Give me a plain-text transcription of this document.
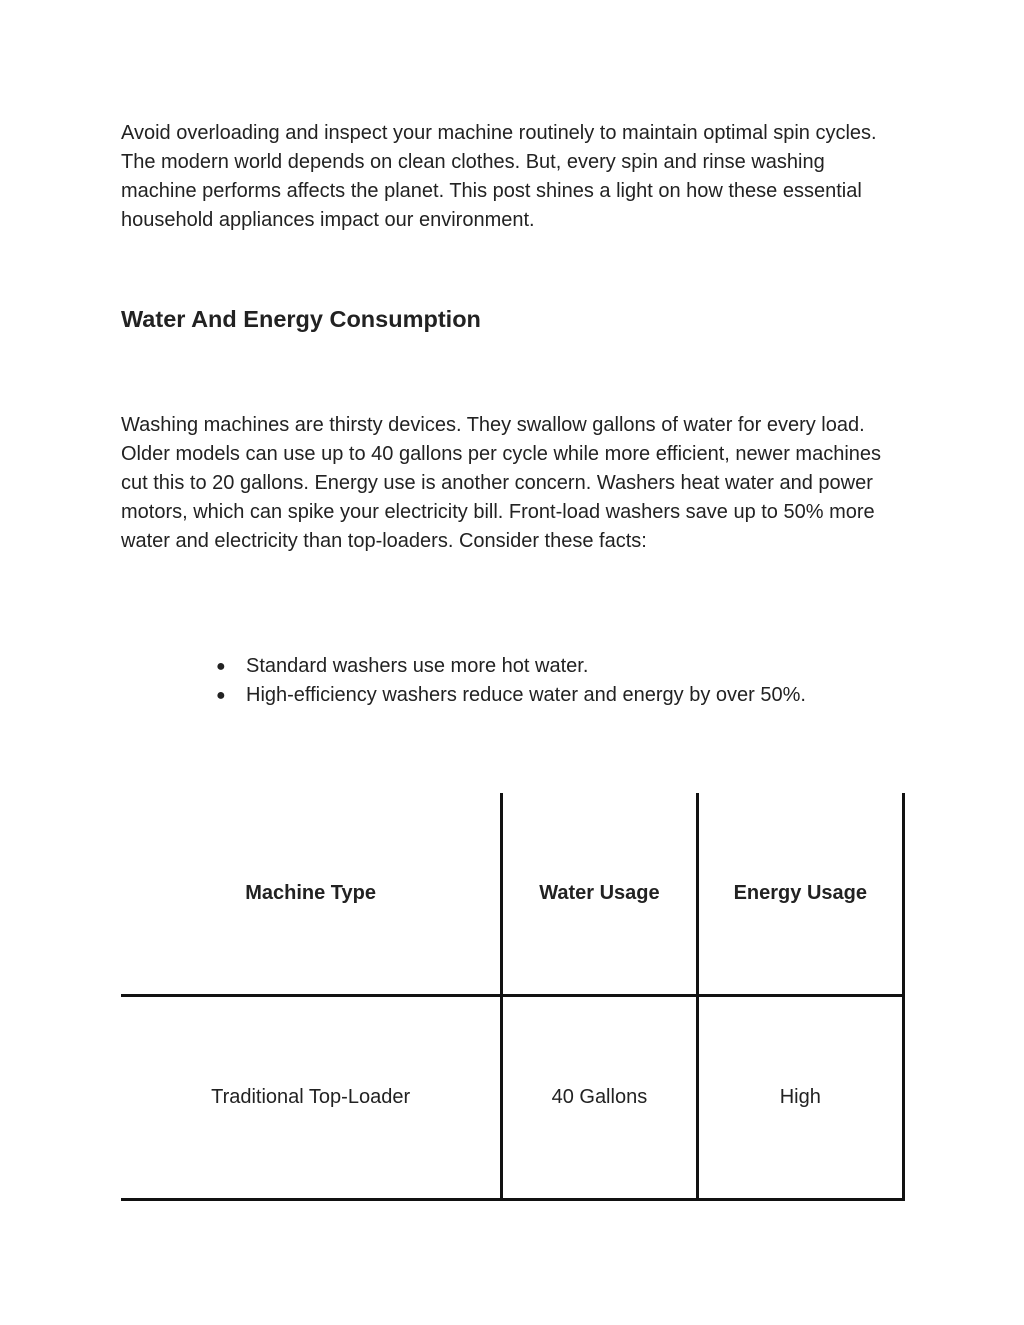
Avoid overloading and inspect your machine routinely to maintain optimal spin cycles. The modern world depends on clean clothes. But, every spin and rinse washing machine performs affects the planet. This post shines a light on how these essential household appliances impact our environment.

Water And Energy Consumption

Washing machines are thirsty devices. They swallow gallons of water for every load. Older models can use up to 40 gallons per cycle while more efficient, newer machines cut this to 20 gallons. Energy use is another concern. Washers heat water and power motors, which can spike your electricity bill. Front-load washers save up to 50% more water and electricity than top-loaders. Consider these facts:

● Standard washers use more hot water.
● High-efficiency washers reduce water and energy by over 50%.
Machine Type	Water Usage	Energy Usage
Traditional Top-Loader	40 Gallons	High
